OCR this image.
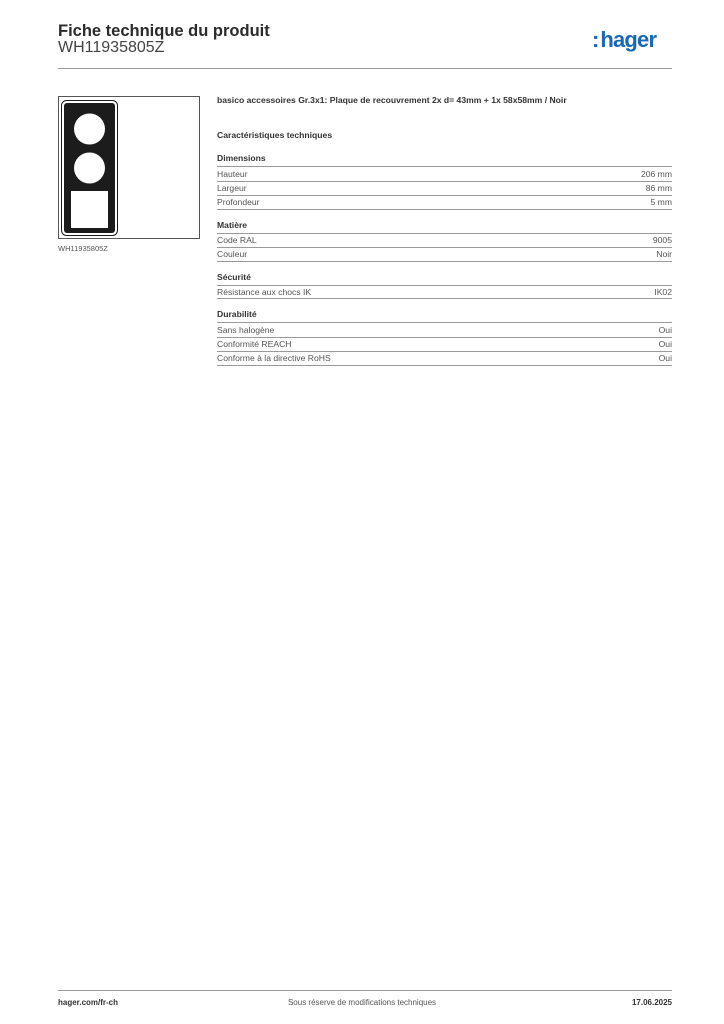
Fiche technique du produit
WH11935805Z	:hager
WH11935805Z
basico accessoires Gr.3x1: Plaque de recouvrement 2x d= 43mm + 1x 58x58mm / Noir
Caractéristiques techniques
Dimensions
Hauteur	206 mm
Largeur	86 mm
Profondeur	5 mm
Matière
Code RAL	9005
Couleur	Noir
Sécurité
Résistance aux chocs IK	IK02
Durabilité
Sans halogène	Oui
Conformité REACH	Oui
Conforme à la directive RoHS	Oui
hager.com/fr-ch	Sous réserve de modifications techniques	17.06.2025
